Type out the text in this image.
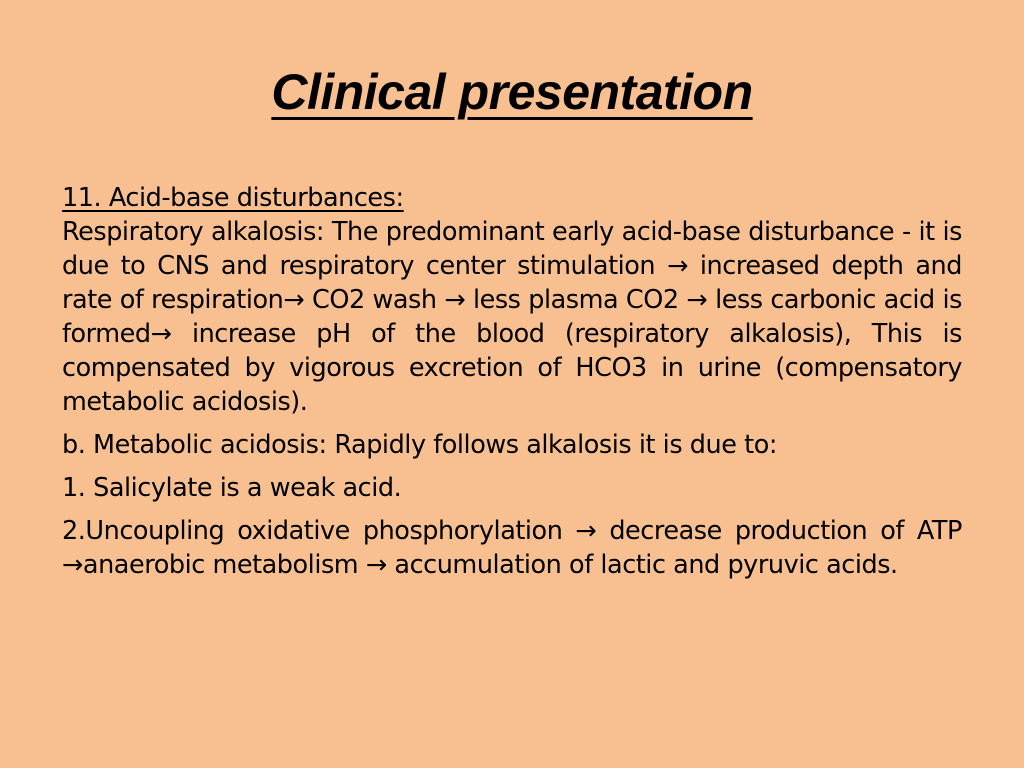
Clinical presentation

11. Acid-base disturbances:

Respiratory alkalosis: The predominant early acid-base disturbance - it is due to CNS and respiratory center stimulation → increased depth and rate of respiration→ CO2 wash → less plasma CO2 → less carbonic acid is formed→ increase pH of the blood (respiratory alkalosis), This is compensated by vigorous excretion of HCO3 in urine (compensatory metabolic acidosis).

b. Metabolic acidosis: Rapidly follows alkalosis it is due to:

1. Salicylate is a weak acid.

2.Uncoupling oxidative phosphorylation → decrease production of ATP →anaerobic metabolism → accumulation of lactic and pyruvic acids.
